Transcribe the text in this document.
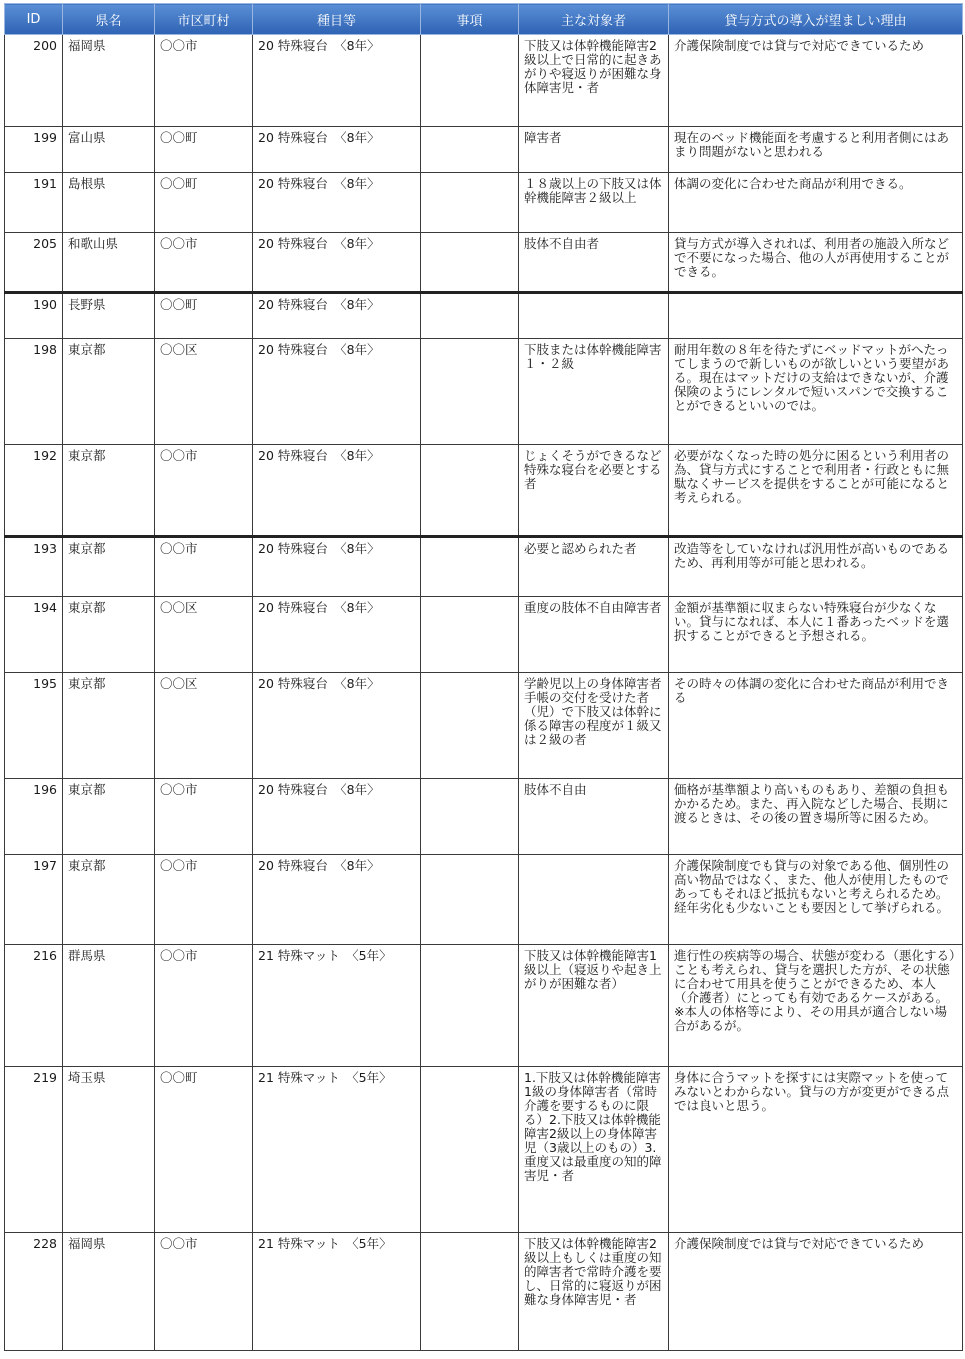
ID	県名	市区町村	種目等	事項	主な対象者	貸与方式の導入が望ましい理由
200	福岡県	〇〇市	20 特殊寝台　〈8年〉		下肢又は体幹機能障害2級以上で日常的に起きあがりや寝返りが困難な身体障害児・者	介護保険制度では貸与で対応できているため
199	富山県	〇〇町	20 特殊寝台　〈8年〉		障害者	現在のベッド機能面を考慮すると利用者側にはあまり問題がないと思われる
191	島根県	〇〇町	20 特殊寝台　〈8年〉		１８歳以上の下肢又は体幹機能障害２級以上	体調の変化に合わせた商品が利用できる。
205	和歌山県	〇〇市	20 特殊寝台　〈8年〉		肢体不自由者	貸与方式が導入されれば、利用者の施設入所などで不要になった場合、他の人が再使用することができる。
190	長野県	〇〇町	20 特殊寝台　〈8年〉			
198	東京都	〇〇区	20 特殊寝台　〈8年〉		下肢または体幹機能障害１・２級	耐用年数の８年を待たずにベッドマットがへたってしまうので新しいものが欲しいという要望がある。現在はマットだけの支給はできないが、介護保険のようにレンタルで短いスパンで交換することができるといいのでは。
192	東京都	〇〇市	20 特殊寝台　〈8年〉		じょくそうができるなど特殊な寝台を必要とする者	必要がなくなった時の処分に困るという利用者の為、貸与方式にすることで利用者・行政ともに無駄なくサービスを提供をすることが可能になると考えられる。
193	東京都	〇〇市	20 特殊寝台　〈8年〉		必要と認められた者	改造等をしていなければ汎用性が高いものであるため、再利用等が可能と思われる。
194	東京都	〇〇区	20 特殊寝台　〈8年〉		重度の肢体不自由障害者	金額が基準額に収まらない特殊寝台が少なくない。貸与になれば、本人に１番あったベッドを選択することができると予想される。
195	東京都	〇〇区	20 特殊寝台　〈8年〉		学齢児以上の身体障害者手帳の交付を受けた者（児）で下肢又は体幹に係る障害の程度が１級又は２級の者	その時々の体調の変化に合わせた商品が利用できる
196	東京都	〇〇市	20 特殊寝台　〈8年〉		肢体不自由	価格が基準額より高いものもあり、差額の負担もかかるため。また、再入院などした場合、長期に渡るときは、その後の置き場所等に困るため。
197	東京都	〇〇市	20 特殊寝台　〈8年〉			介護保険制度でも貸与の対象である他、個別性の高い物品ではなく、また、他人が使用したものであってもそれほど抵抗もないと考えられるため。経年劣化も少ないことも要因として挙げられる。
216	群馬県	〇〇市	21 特殊マット　〈5年〉		下肢又は体幹機能障害1級以上（寝返りや起き上がりが困難な者）	進行性の疾病等の場合、状態が変わる（悪化する）ことも考えられ、貸与を選択した方が、その状態に合わせて用具を使うことができるため、本人（介護者）にとっても有効であるケースがある。※本人の体格等により、その用具が適合しない場合があるが。
219	埼玉県	〇〇町	21 特殊マット　〈5年〉		1.下肢又は体幹機能障害1級の身体障害者（常時介護を要するものに限る）2.下肢又は体幹機能障害2級以上の身体障害児（3歳以上のもの）3.重度又は最重度の知的障害児・者	身体に合うマットを探すには実際マットを使ってみないとわからない。貸与の方が変更ができる点では良いと思う。
228	福岡県	〇〇市	21 特殊マット　〈5年〉		下肢又は体幹機能障害2級以上もしくは重度の知的障害者で常時介護を要し、日常的に寝返りが困難な身体障害児・者	介護保険制度では貸与で対応できているため
